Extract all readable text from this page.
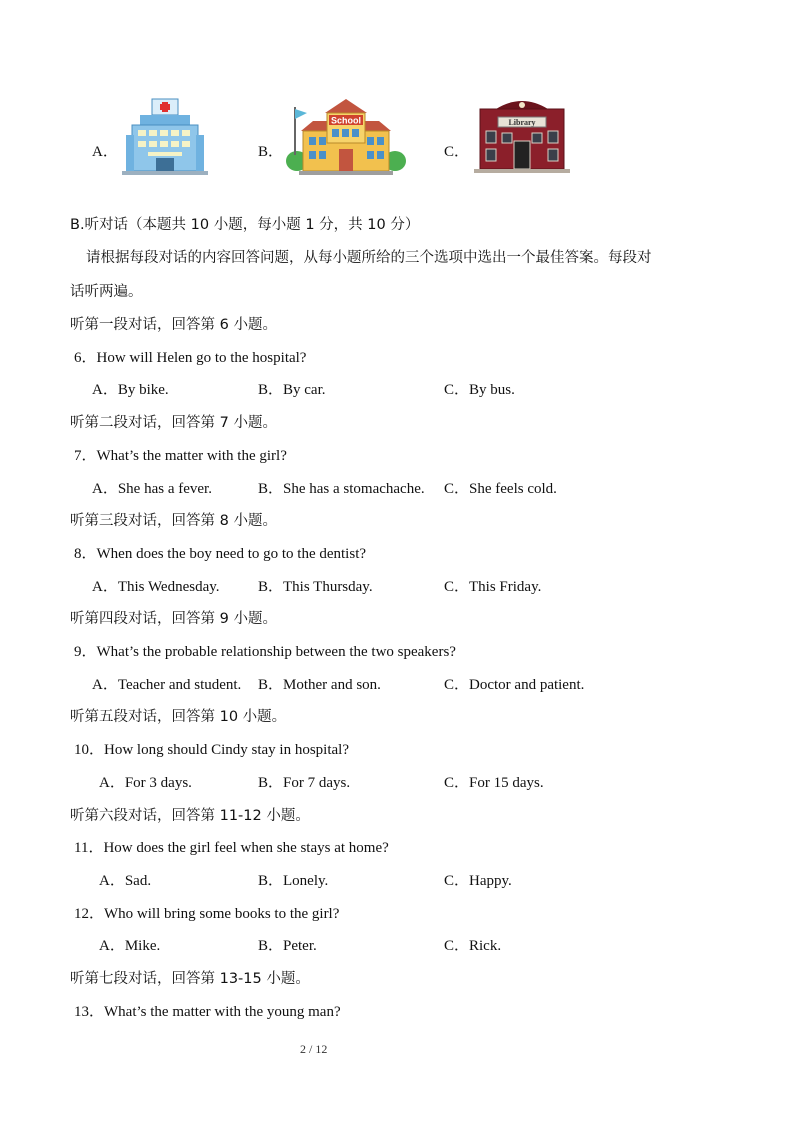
A．	B．
School
C．
Library
B.听对话（本题共 10 小题，每小题 1 分，共 10 分）
请根据每段对话的内容回答问题，从每小题所给的三个选项中选出一个最佳答案。每段对
话听两遍。
听第一段对话，回答第 6 小题。
6．How will Helen go to the hospital?
A．By bike.	B．By car.	C．By bus.
听第二段对话，回答第 7 小题。
7．What’s the matter with the girl?
A．She has a fever.	B．She has a stomachache. C．She feels cold.
听第三段对话，回答第 8 小题。
8．When does the boy need to go to the dentist?
A．This Wednesday.	B．This Thursday.	C．This Friday.
听第四段对话，回答第 9 小题。
9．What’s the probable relationship between the two speakers?
A．Teacher and student. B．Mother and son.	C．Doctor and patient.
听第五段对话，回答第 10 小题。
10．How long should Cindy stay in hospital?
A．For 3 days.	B．For 7 days.	C．For 15 days.
听第六段对话，回答第 11-12 小题。
11．How does the girl feel when she stays at home?
A．Sad.	B．Lonely.	C．Happy.
12．Who will bring some books to the girl?
A．Mike.	B．Peter.	C．Rick.
听第七段对话，回答第 13-15 小题。
13．What’s the matter with the young man?
2 / 12
